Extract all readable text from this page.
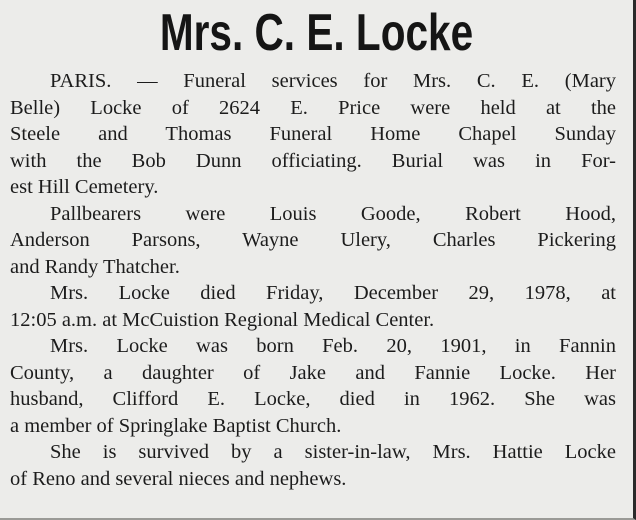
Mrs. C. E. Locke
PARIS. — Funeral services for Mrs. C. E. (Mary
Belle) Locke of 2624 E. Price were held at the
Steele and Thomas Funeral Home Chapel Sunday
with the Bob Dunn officiating. Burial was in For-
est Hill Cemetery.
Pallbearers were Louis Goode, Robert Hood,
Anderson Parsons, Wayne Ulery, Charles Pickering
and Randy Thatcher.
Mrs. Locke died Friday, December 29, 1978, at
12:05 a.m. at McCuistion Regional Medical Center.
Mrs. Locke was born Feb. 20, 1901, in Fannin
County, a daughter of Jake and Fannie Locke. Her
husband, Clifford E. Locke, died in 1962. She was
a member of Springlake Baptist Church.
She is survived by a sister-in-law, Mrs. Hattie Locke
of Reno and several nieces and nephews.
